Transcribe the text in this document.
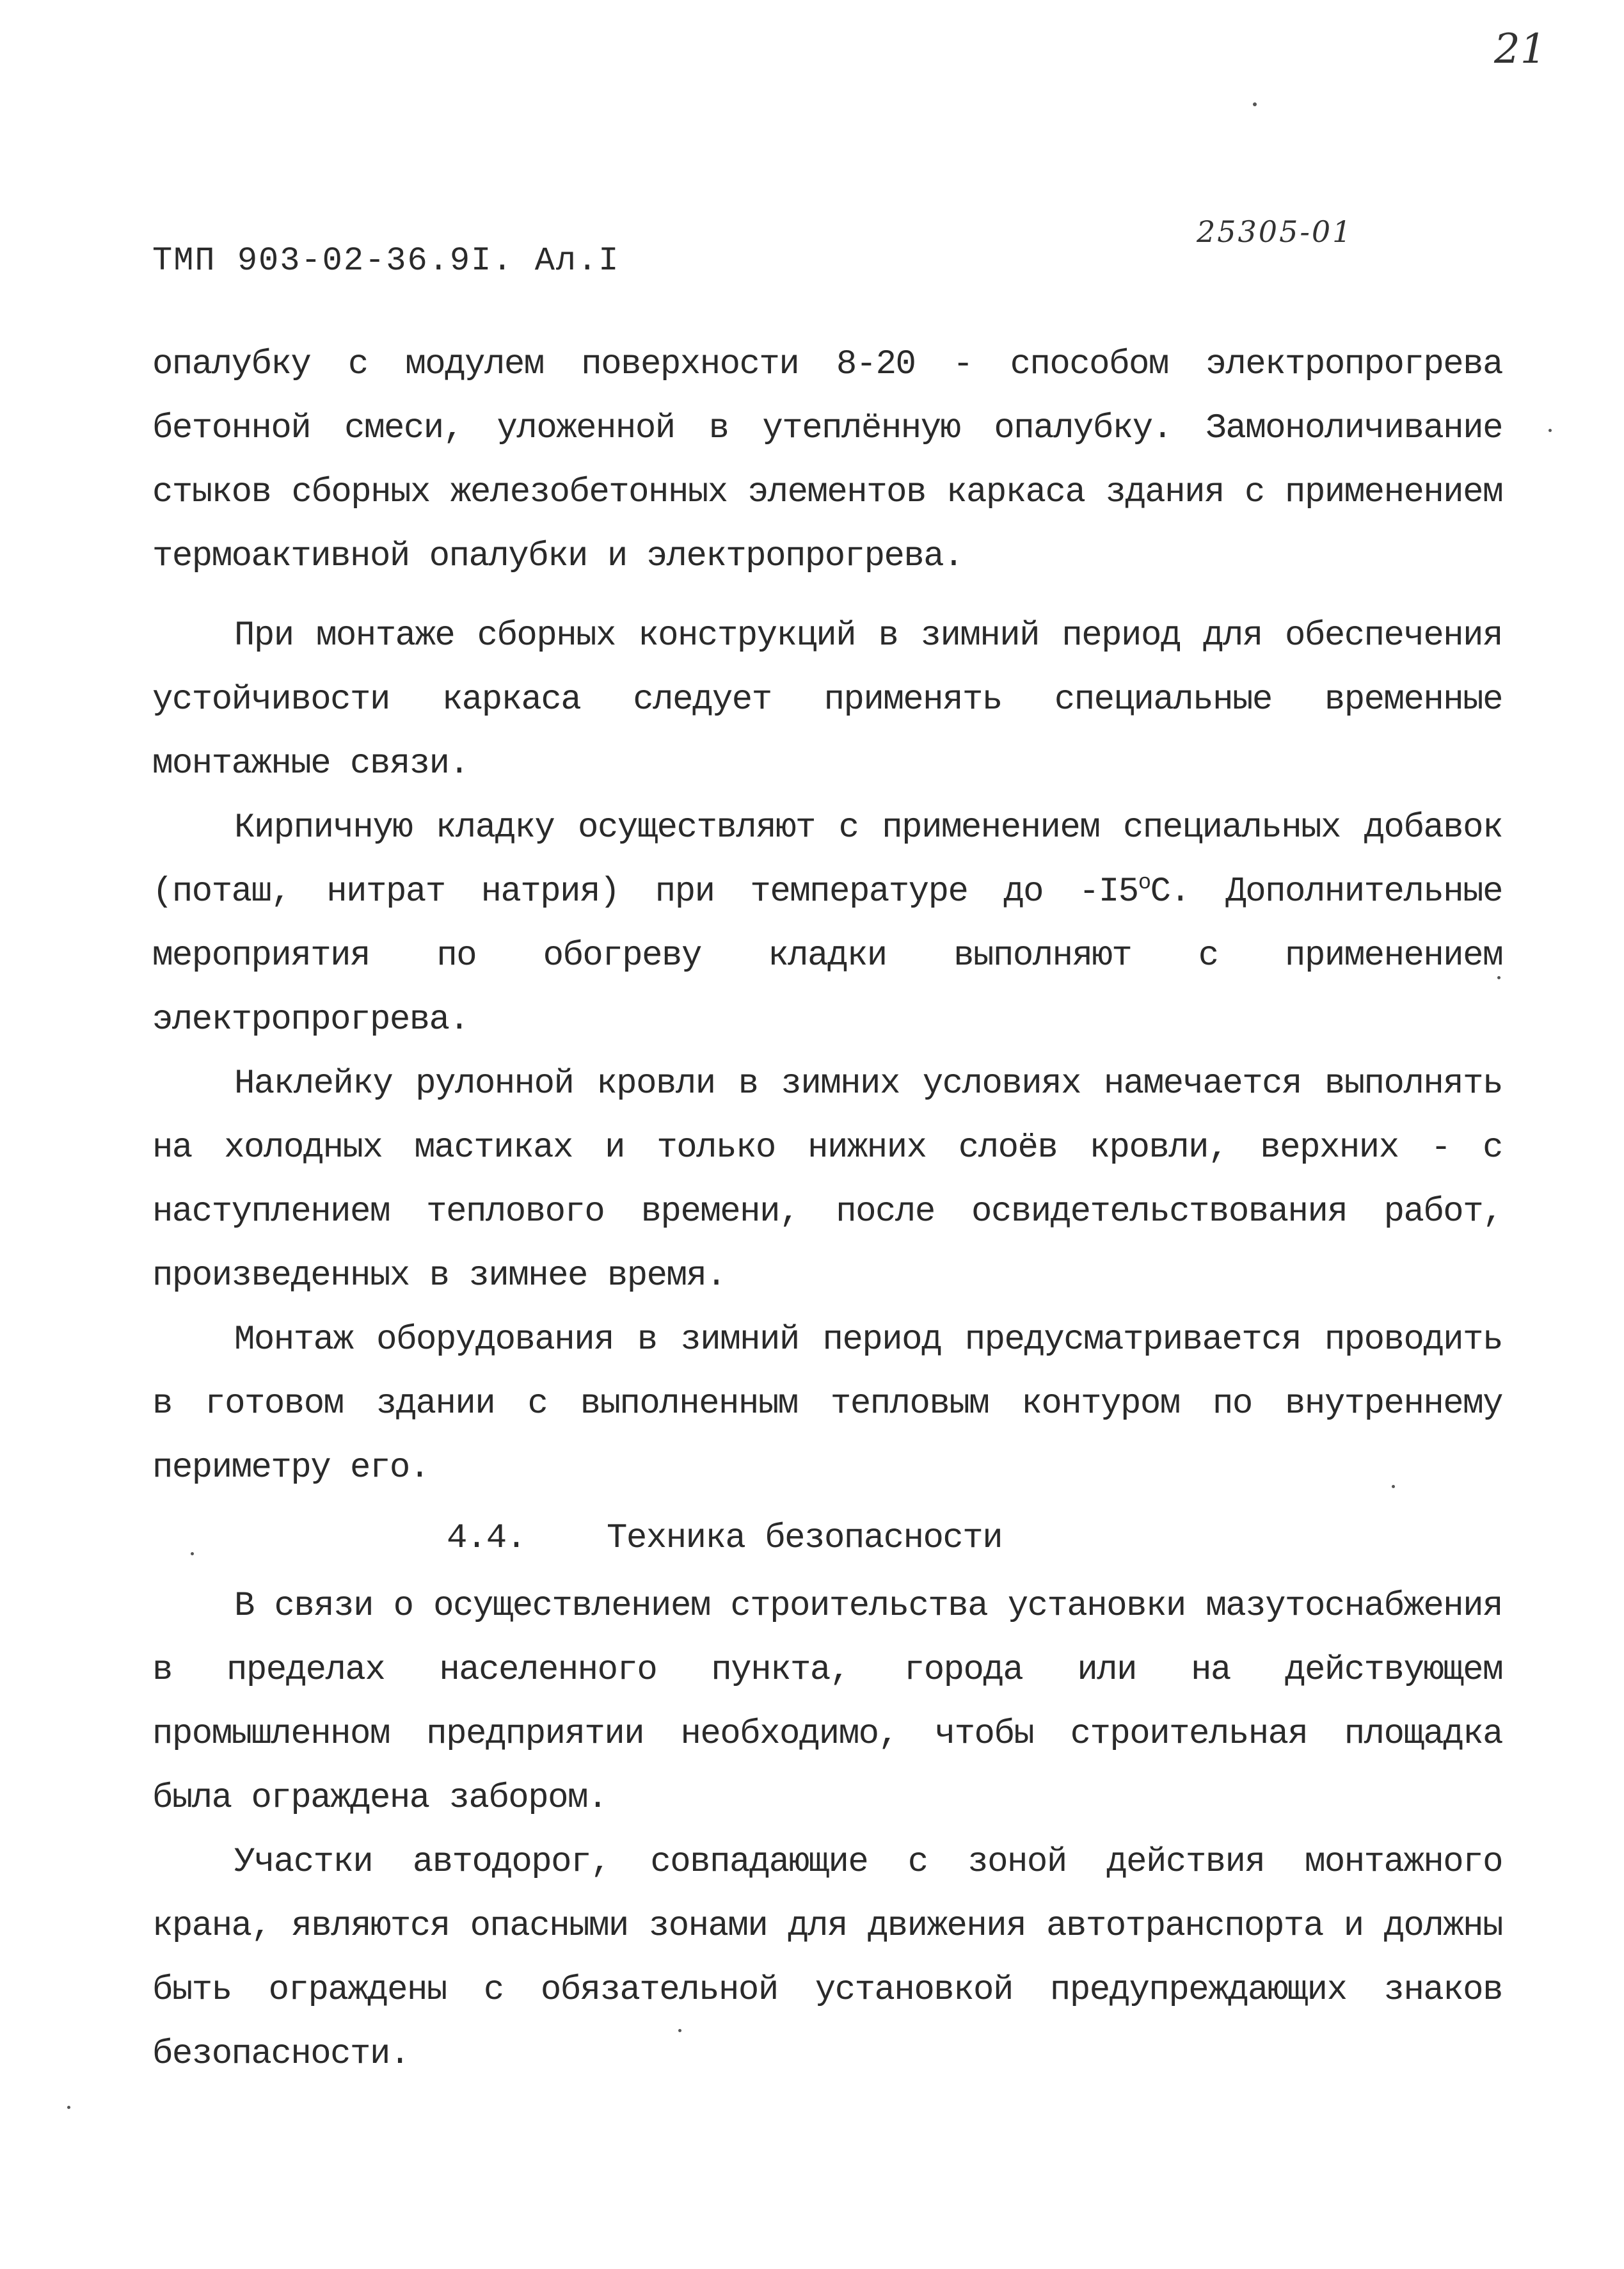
21
25305-01
ТМП 903-02-36.9I. Ал.I

опалубку с модулем поверхности 8-20 - способом электропрогрева бетонной смеси, уложенной в утеплённую опалубку. Замоноличивание стыков сборных железобетонных элементов каркаса здания с применением термоактивной опалубки и электропрогрева.

При монтаже сборных конструкций в зимний период для обеспечения устойчивости каркаса следует применять специальные временные монтажные связи.

Кирпичную кладку осуществляют с применением специальных добавок (поташ, нитрат натрия) при температуре до -I5$^o$C. Дополнительные мероприятия по обогреву кладки выполняют с применением электропрогрева.

Наклейку рулонной кровли в зимних условиях намечается выполнять на холодных мастиках и только нижних слоёв кровли, верхних - с наступлением теплового времени, после освидетельствования работ, произведенных в зимнее время.

Монтаж оборудования в зимний период предусматривается проводить в готовом здании с выполненным тепловым контуром по внутреннему периметру его.

4.4. Техника безопасности

В связи о осуществлением строительства установки мазутоснабжения в пределах населенного пункта, города или на действующем промышленном предприятии необходимо, чтобы строительная площадка была ограждена забором.

Участки автодорог, совпадающие с зоной действия монтажного крана, являются опасными зонами для движения автотранспорта и должны быть ограждены с обязательной установкой предупреждающих знаков безопасности.
